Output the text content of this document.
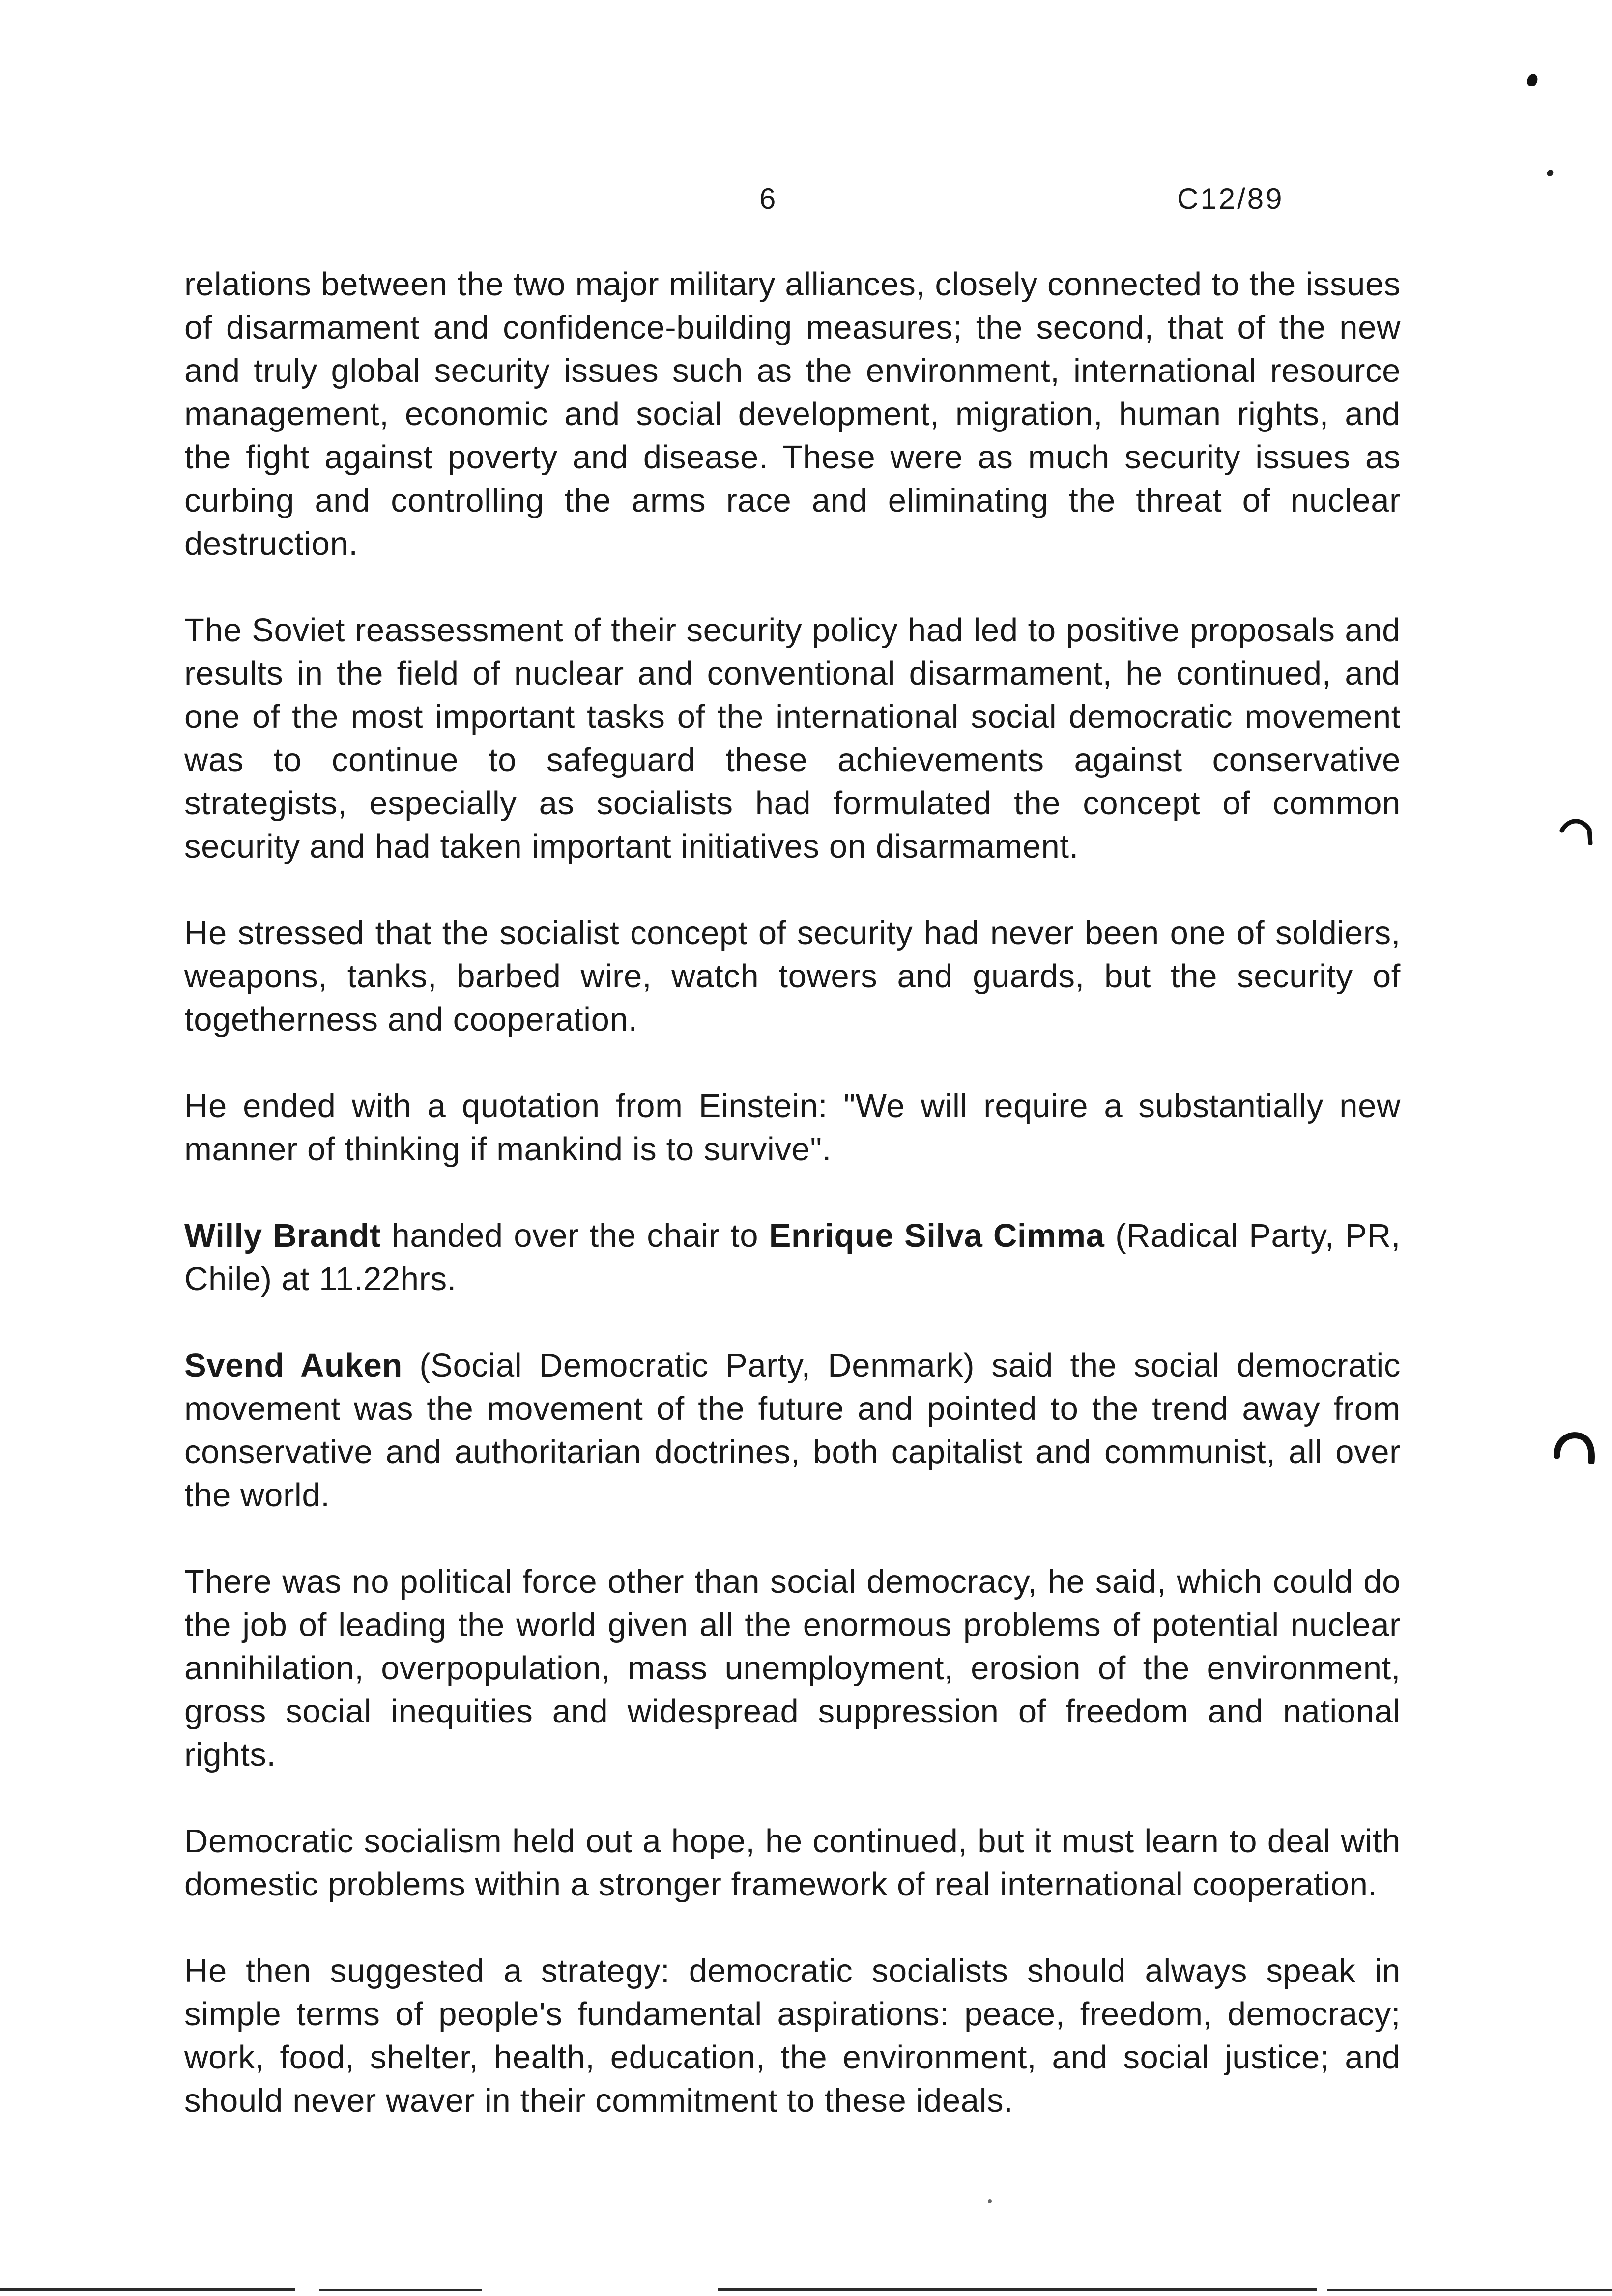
6	C12/89

relations between the two major military alliances, closely connected to the issues of disarmament and confidence-building measures; the second, that of the new and truly global security issues such as the environment, international resource management, economic and social development, migration, human rights, and the fight against poverty and disease. These were as much security issues as curbing and controlling the arms race and eliminating the threat of nuclear destruction.

The Soviet reassessment of their security policy had led to positive proposals and results in the field of nuclear and conventional disarmament, he continued, and one of the most important tasks of the international social democratic movement was to continue to safeguard these achievements against conservative strategists, especially as socialists had formulated the concept of common security and had taken important initiatives on disarmament.

He stressed that the socialist concept of security had never been one of soldiers, weapons, tanks, barbed wire, watch towers and guards, but the security of togetherness and cooperation.

He ended with a quotation from Einstein: "We will require a substantially new manner of thinking if mankind is to survive".

Willy Brandt handed over the chair to Enrique Silva Cimma (Radical Party, PR, Chile) at 11.22hrs.

Svend Auken (Social Democratic Party, Denmark) said the social democratic movement was the movement of the future and pointed to the trend away from conservative and authoritarian doctrines, both capitalist and communist, all over the world.

There was no political force other than social democracy, he said, which could do the job of leading the world given all the enormous problems of potential nuclear annihilation, overpopulation, mass unemployment, erosion of the environment, gross social inequities and widespread suppression of freedom and national rights.

Democratic socialism held out a hope, he continued, but it must learn to deal with domestic problems within a stronger framework of real international cooperation.

He then suggested a strategy: democratic socialists should always speak in simple terms of people's fundamental aspirations: peace, freedom, democracy; work, food, shelter, health, education, the environment, and social justice; and should never waver in their commitment to these ideals.
